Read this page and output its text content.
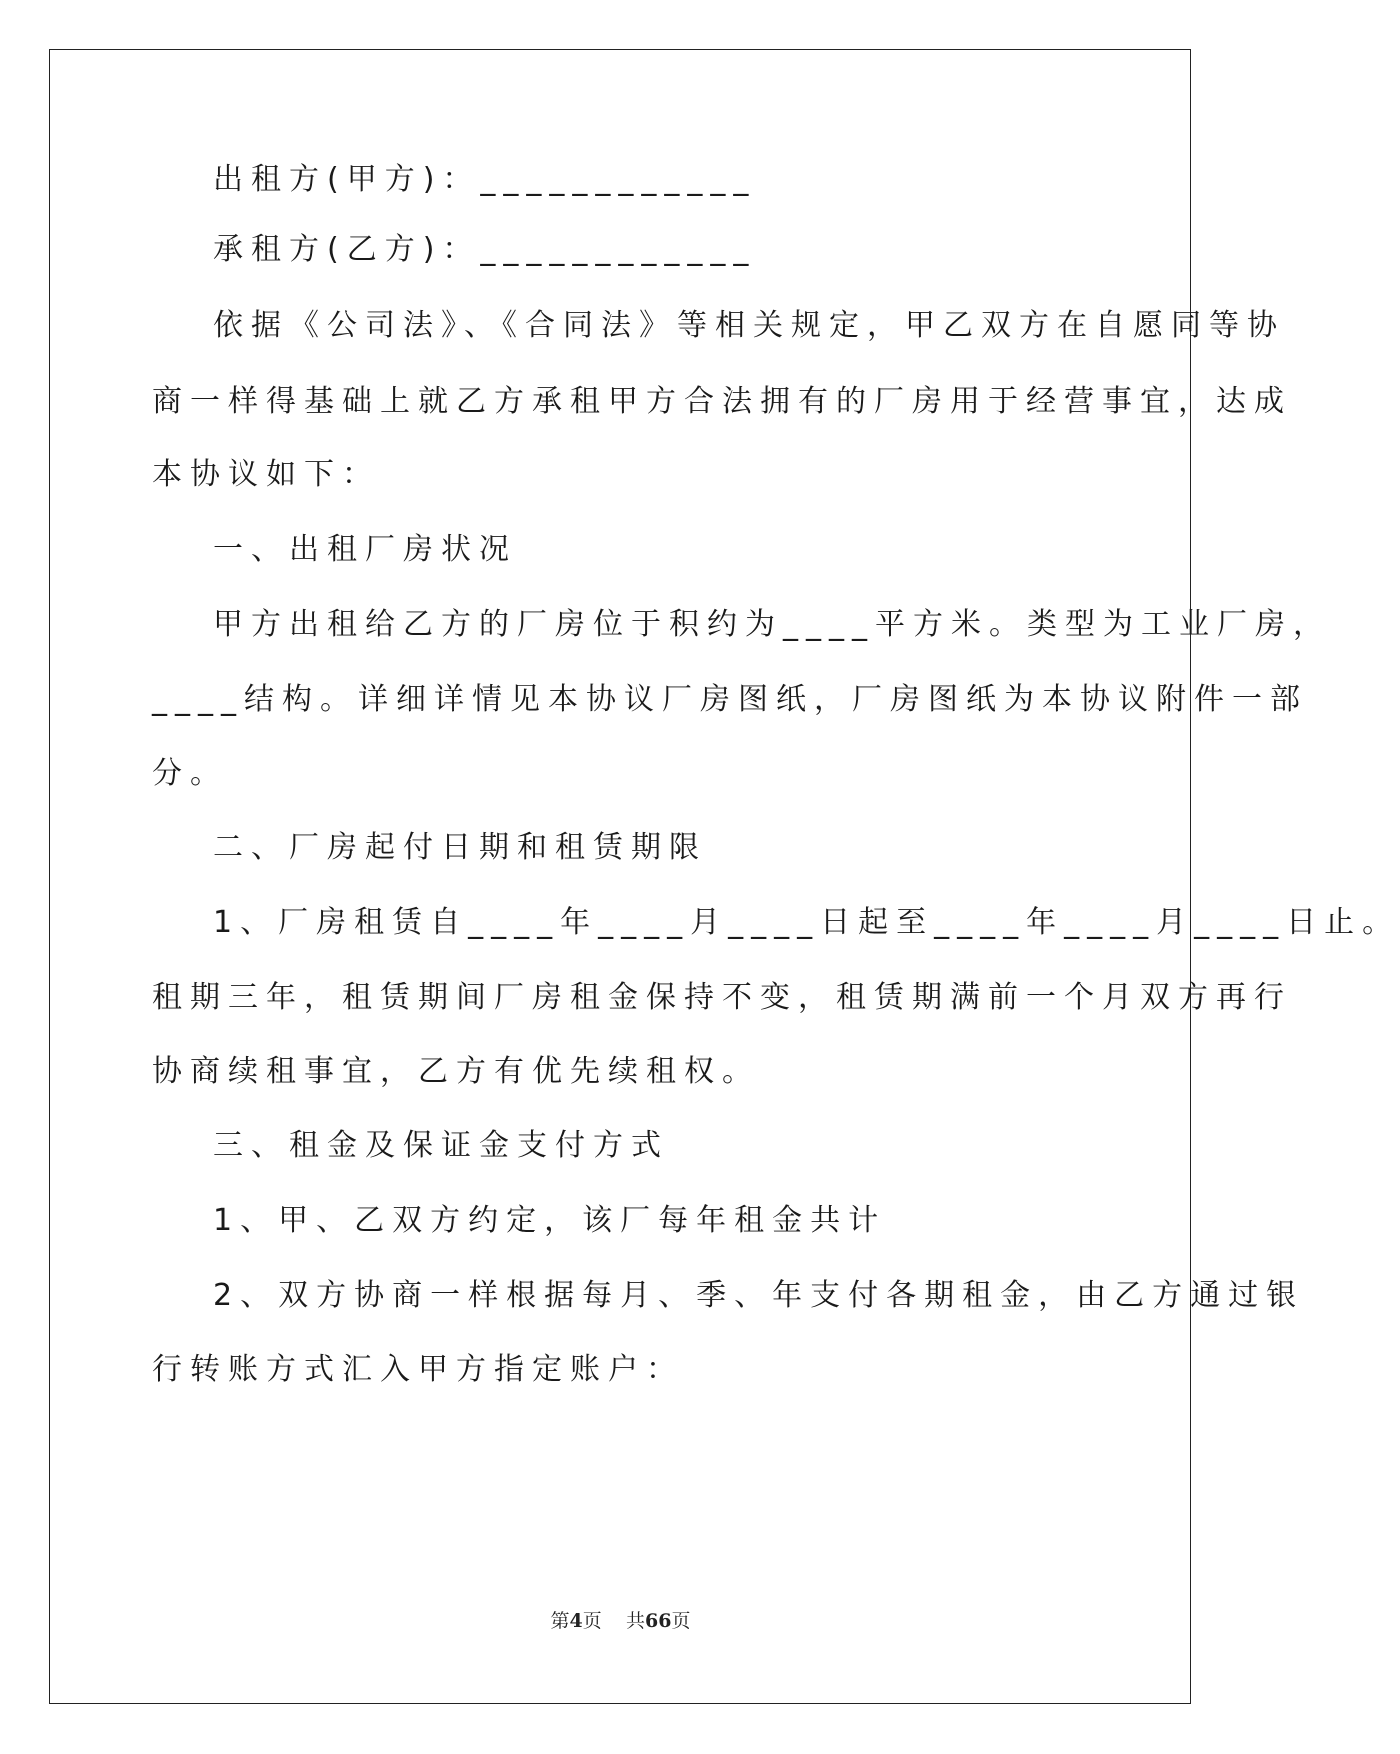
出租方(甲方)：____________
承租方(乙方)：____________
依据《公司法》、《合同法》等相关规定，甲乙双方在自愿同等协
商一样得基础上就乙方承租甲方合法拥有的厂房用于经营事宜，达成
本协议如下：
一、出租厂房状况
甲方出租给乙方的厂房位于积约为____平方米。类型为工业厂房，
____结构。详细详情见本协议厂房图纸，厂房图纸为本协议附件一部
分。
二、厂房起付日期和租赁期限
1、厂房租赁自____年____月____日起至____年____月____日止。
租期三年，租赁期间厂房租金保持不变，租赁期满前一个月双方再行
协商续租事宜，乙方有优先续租权。
三、租金及保证金支付方式
1、甲、乙双方约定，该厂每年租金共计
2、双方协商一样根据每月、季、年支付各期租金，由乙方通过银
行转账方式汇入甲方指定账户：
第4页 共66页
